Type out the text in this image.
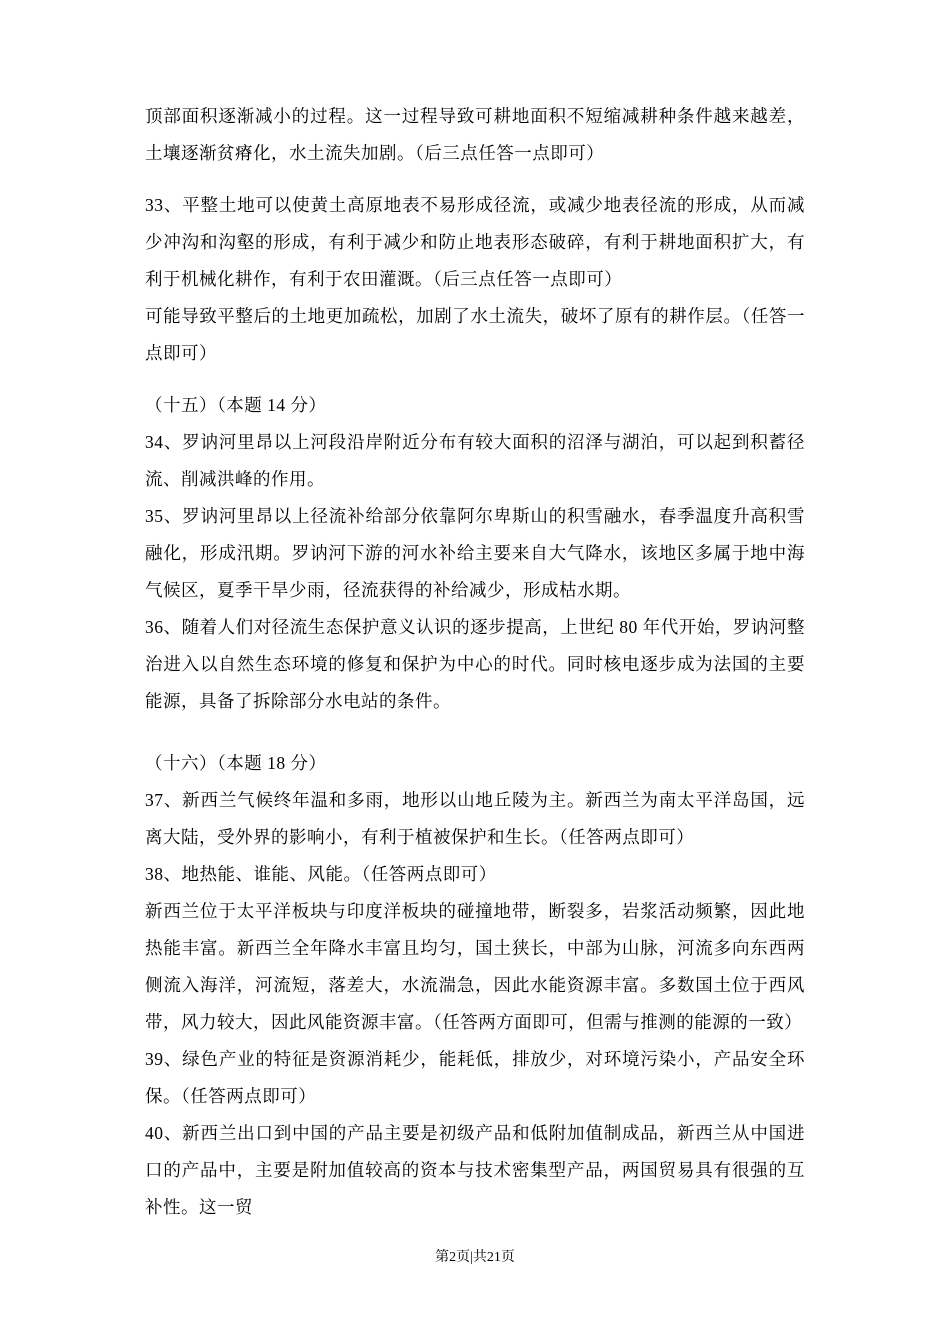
顶部面积逐渐减小的过程。这一过程导致可耕地面积不短缩减耕种条件越来越差，土壤逐渐贫瘠化，水土流失加剧。（后三点任答一点即可）

33、平整土地可以使黄土高原地表不易形成径流，或减少地表径流的形成，从而减少冲沟和沟壑的形成，有利于减少和防止地表形态破碎，有利于耕地面积扩大，有利于机械化耕作，有利于农田灌溉。（后三点任答一点即可）

可能导致平整后的土地更加疏松，加剧了水土流失，破坏了原有的耕作层。（任答一点即可）

（十五）（本题 14 分）

34、罗讷河里昂以上河段沿岸附近分布有较大面积的沼泽与湖泊，可以起到积蓄径流、削减洪峰的作用。

35、罗讷河里昂以上径流补给部分依靠阿尔卑斯山的积雪融水，春季温度升高积雪融化，形成汛期。罗讷河下游的河水补给主要来自大气降水，该地区多属于地中海气候区，夏季干旱少雨，径流获得的补给减少，形成枯水期。

36、随着人们对径流生态保护意义认识的逐步提高，上世纪 80 年代开始，罗讷河整治进入以自然生态环境的修复和保护为中心的时代。同时核电逐步成为法国的主要能源，具备了拆除部分水电站的条件。

（十六）（本题 18 分）

37、新西兰气候终年温和多雨，地形以山地丘陵为主。新西兰为南太平洋岛国，远离大陆，受外界的影响小，有利于植被保护和生长。（任答两点即可）

38、地热能、谁能、风能。（任答两点即可）

新西兰位于太平洋板块与印度洋板块的碰撞地带，断裂多，岩浆活动频繁，因此地热能丰富。新西兰全年降水丰富且均匀，国土狭长，中部为山脉，河流多向东西两侧流入海洋，河流短，落差大，水流湍急，因此水能资源丰富。多数国土位于西风带，风力较大，因此风能资源丰富。（任答两方面即可，但需与推测的能源的一致）

39、绿色产业的特征是资源消耗少，能耗低，排放少，对环境污染小，产品安全环保。（任答两点即可）

40、新西兰出口到中国的产品主要是初级产品和低附加值制成品，新西兰从中国进口的产品中，主要是附加值较高的资本与技术密集型产品，两国贸易具有很强的互补性。这一贸

第2页|共21页
